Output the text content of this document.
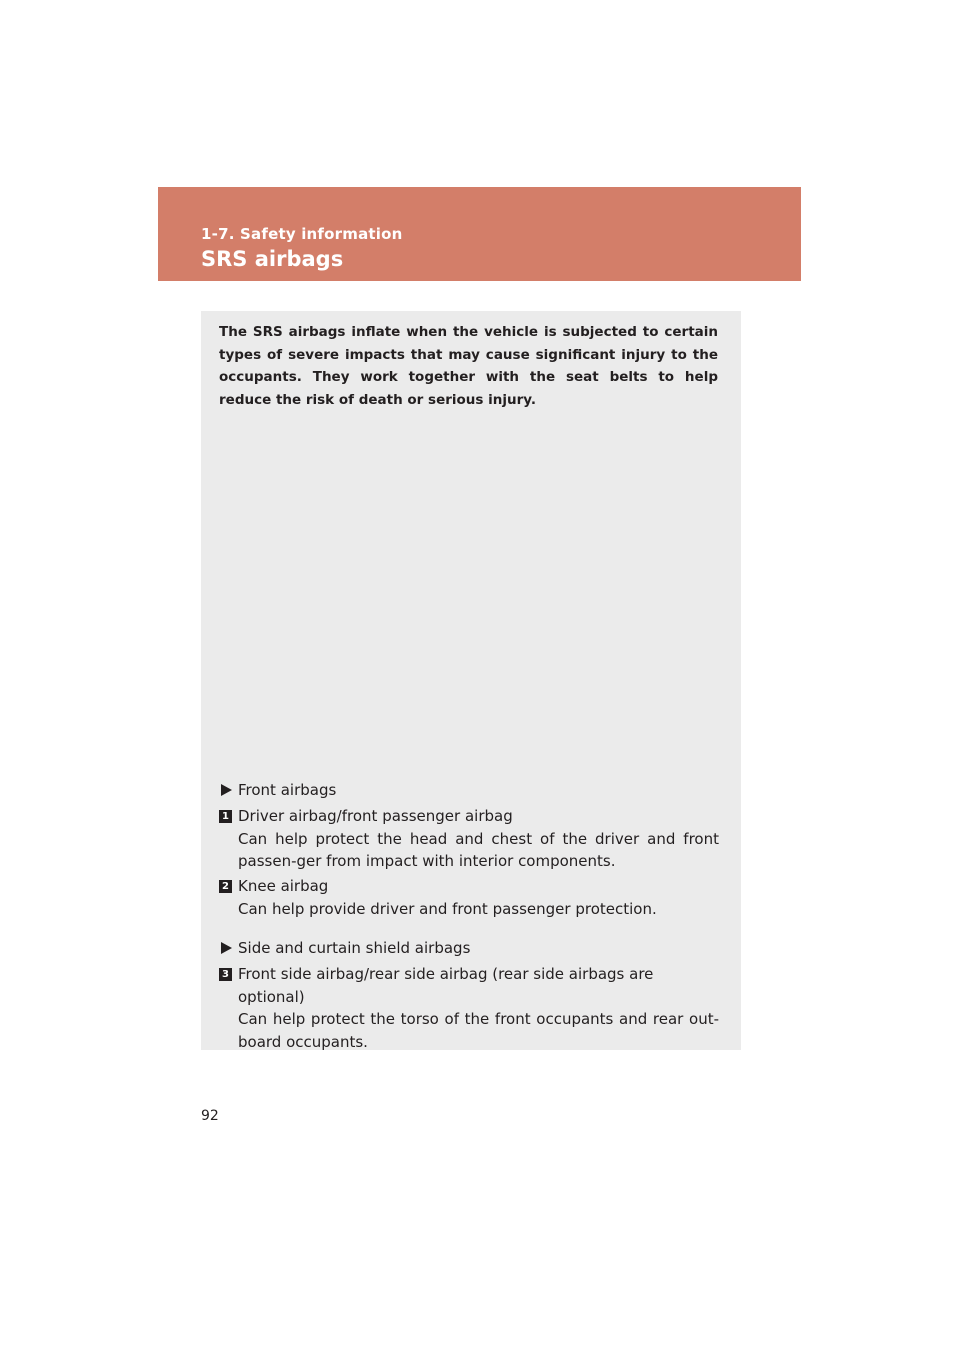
1-7. Safety information
SRS airbags
The SRS airbags inflate when the vehicle is subjected to certain types of severe impacts that may cause significant injury to the occupants. They work together with the seat belts to help reduce the risk of death or serious injury.
Front airbags
1 Driver airbag/front passenger airbag
Can help protect the head and chest of the driver and front passen-ger from impact with interior components.
2 Knee airbag
Can help provide driver and front passenger protection.
Side and curtain shield airbags
3 Front side airbag/rear side airbag (rear side airbags are optional)
Can help protect the torso of the front occupants and rear out-board occupants.
92
